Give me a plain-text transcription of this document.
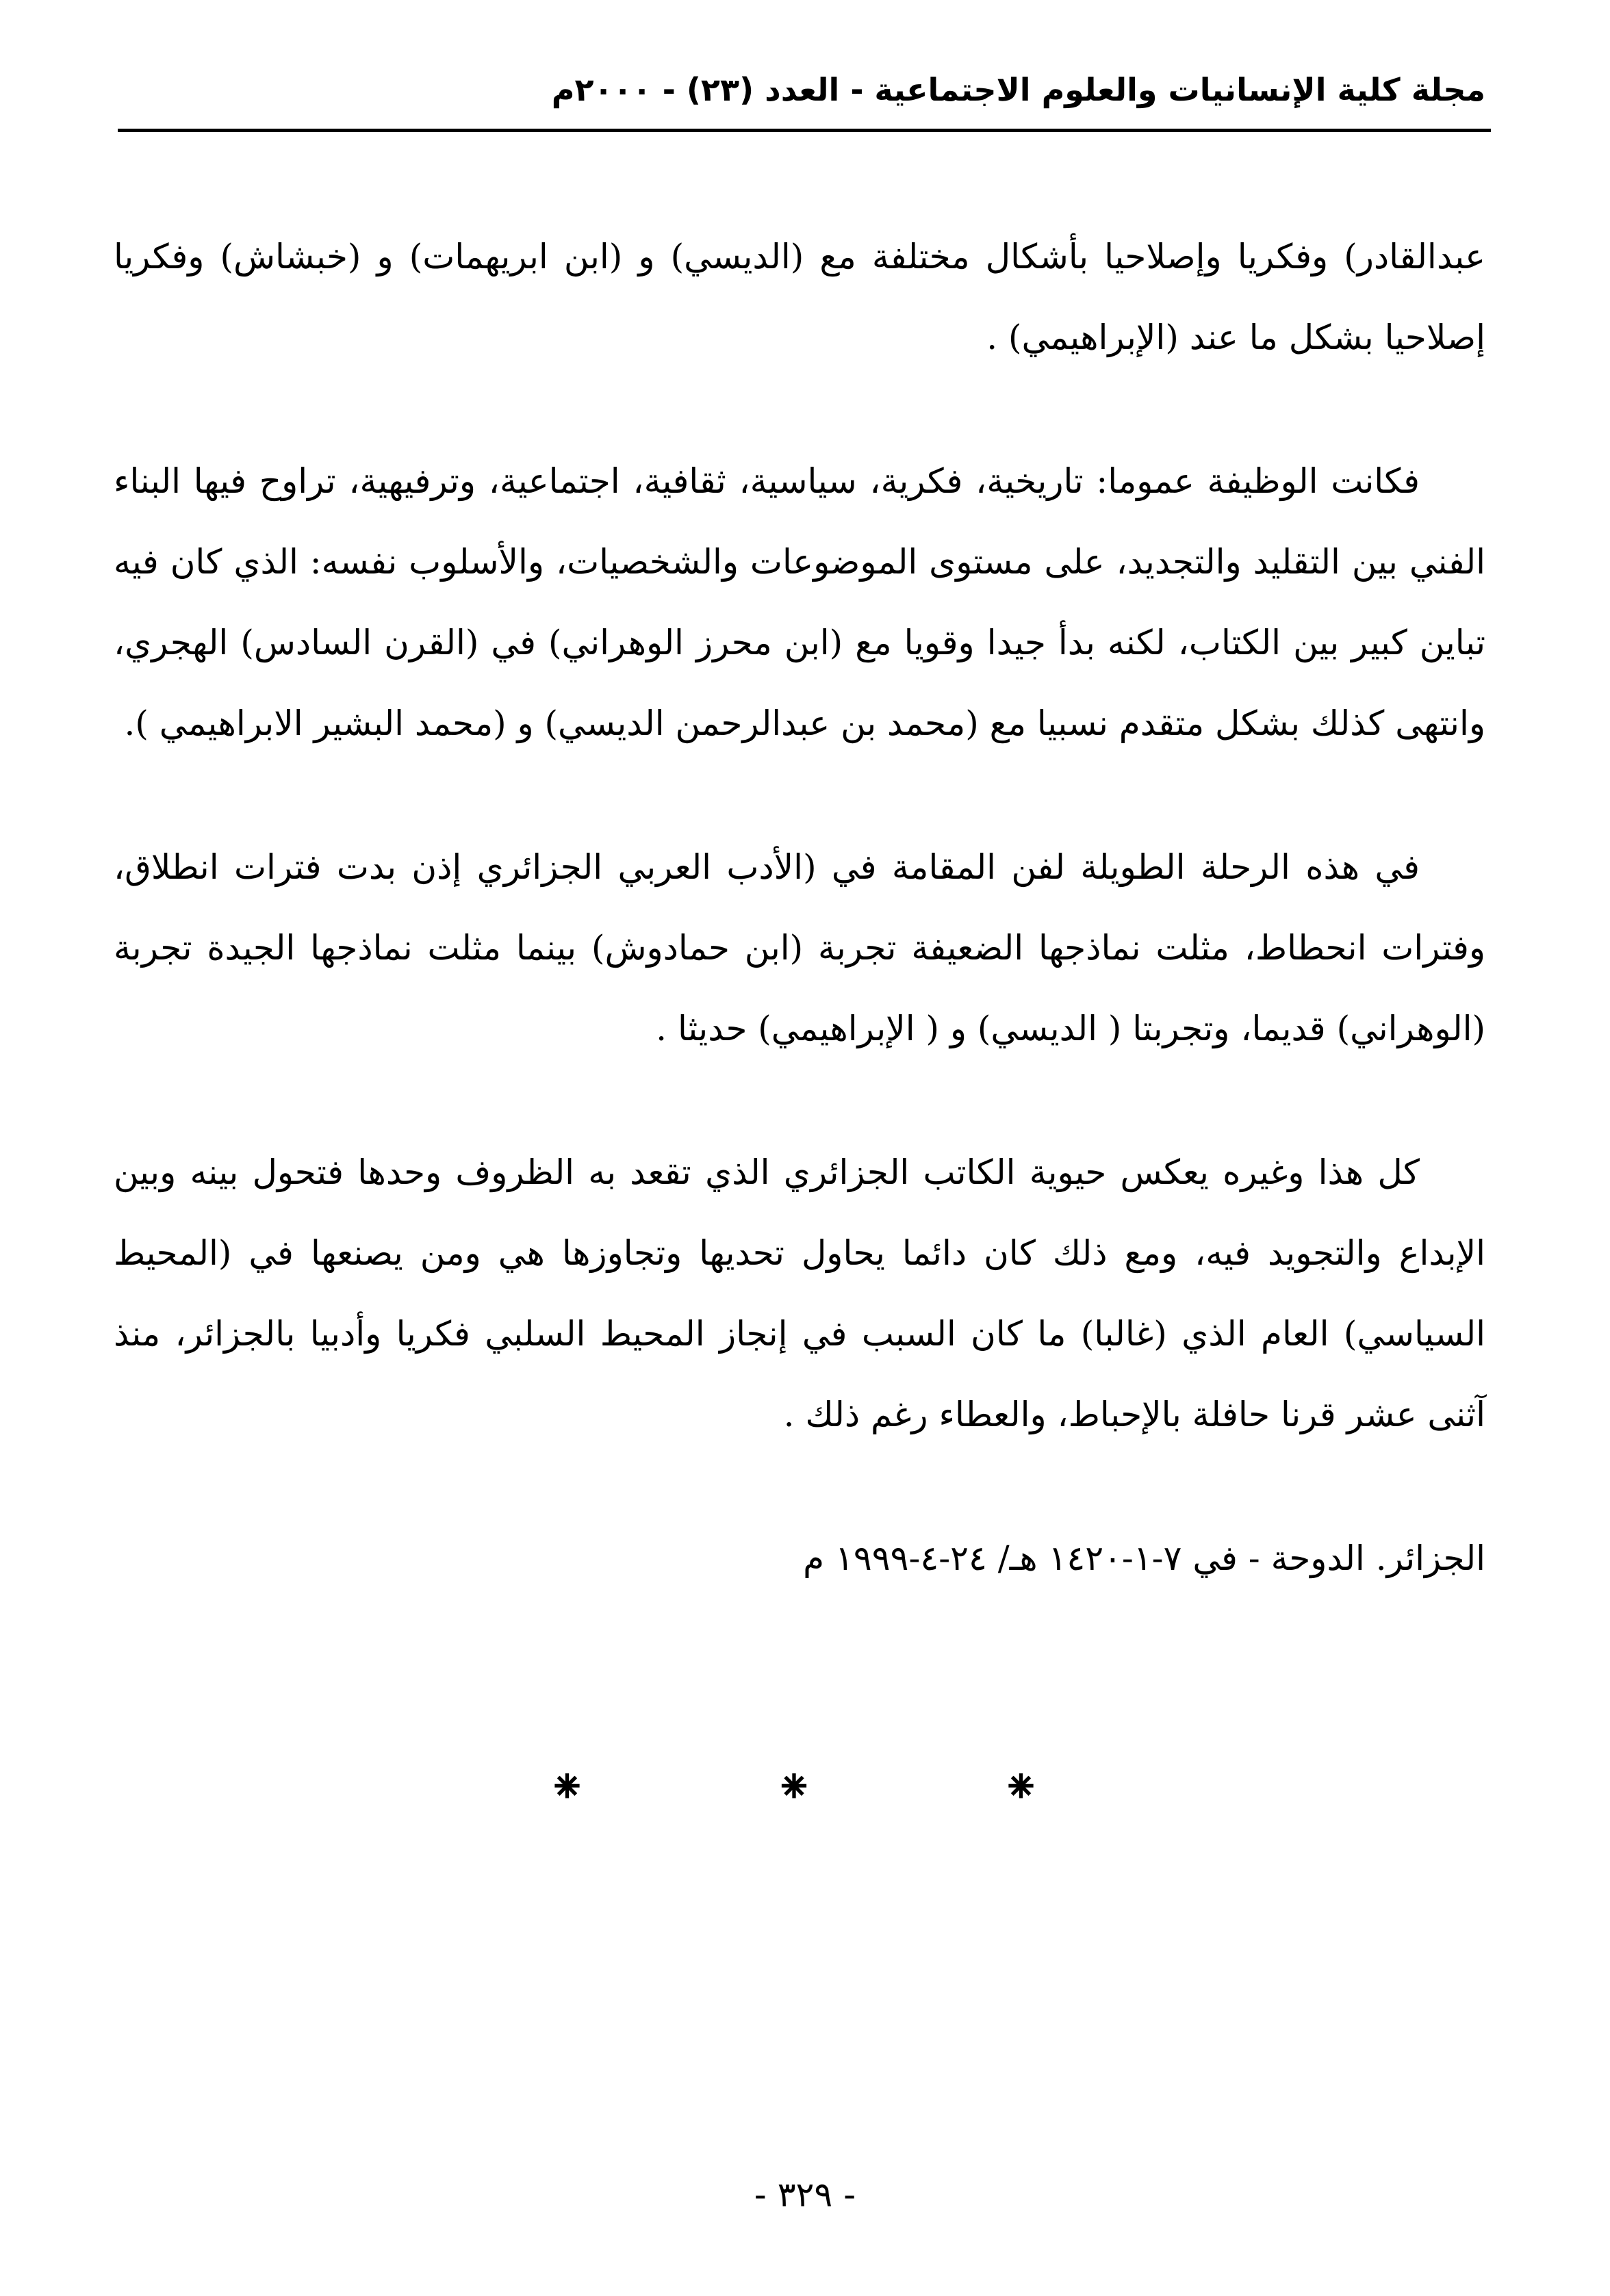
مجلة كلية الإنسانيات والعلوم الاجتماعية - العدد (٢٣) - ٢٠٠٠م

عبدالقادر) وفكريا وإصلاحيا بأشكال مختلفة مع (الديسي) و (ابن ابريهمات) و (خبشاش) وفكريا إصلاحيا بشكل ما عند (الإبراهيمي) .

فكانت الوظيفة عموما: تاريخية، فكرية، سياسية، ثقافية، اجتماعية، وترفيهية، تراوح فيها البناء الفني بين التقليد والتجديد، على مستوى الموضوعات والشخصيات، والأسلوب نفسه: الذي كان فيه تباين كبير بين الكتاب، لكنه بدأ جيدا وقويا مع (ابن محرز الوهراني) في (القرن السادس) الهجري، وانتهى كذلك بشكل متقدم نسبيا مع (محمد بن عبدالرحمن الديسي) و (محمد البشير الابراهيمي ).

في هذه الرحلة الطويلة لفن المقامة في (الأدب العربي الجزائري إذن بدت فترات انطلاق، وفترات انحطاط، مثلت نماذجها الضعيفة تجربة (ابن حمادوش) بينما مثلت نماذجها الجيدة تجربة (الوهراني) قديما، وتجربتا ( الديسي) و ( الإبراهيمي) حديثا .

كل هذا وغيره يعكس حيوية الكاتب الجزائري الذي تقعد به الظروف وحدها فتحول بينه وبين الإبداع والتجويد فيه، ومع ذلك كان دائما يحاول تحديها وتجاوزها هي ومن يصنعها في (المحيط السياسي) العام الذي (غالبا) ما كان السبب في إنجاز المحيط السلبي فكريا وأدبيا بالجزائر، منذ آثنى عشر قرنا حافلة بالإحباط، والعطاء رغم ذلك .

الجزائر. الدوحة - في ٧-١-١٤٢٠ هـ/ ٢٤-٤-١٩٩٩ م

⁕	⁕	⁕
- ٣٢٩ -
